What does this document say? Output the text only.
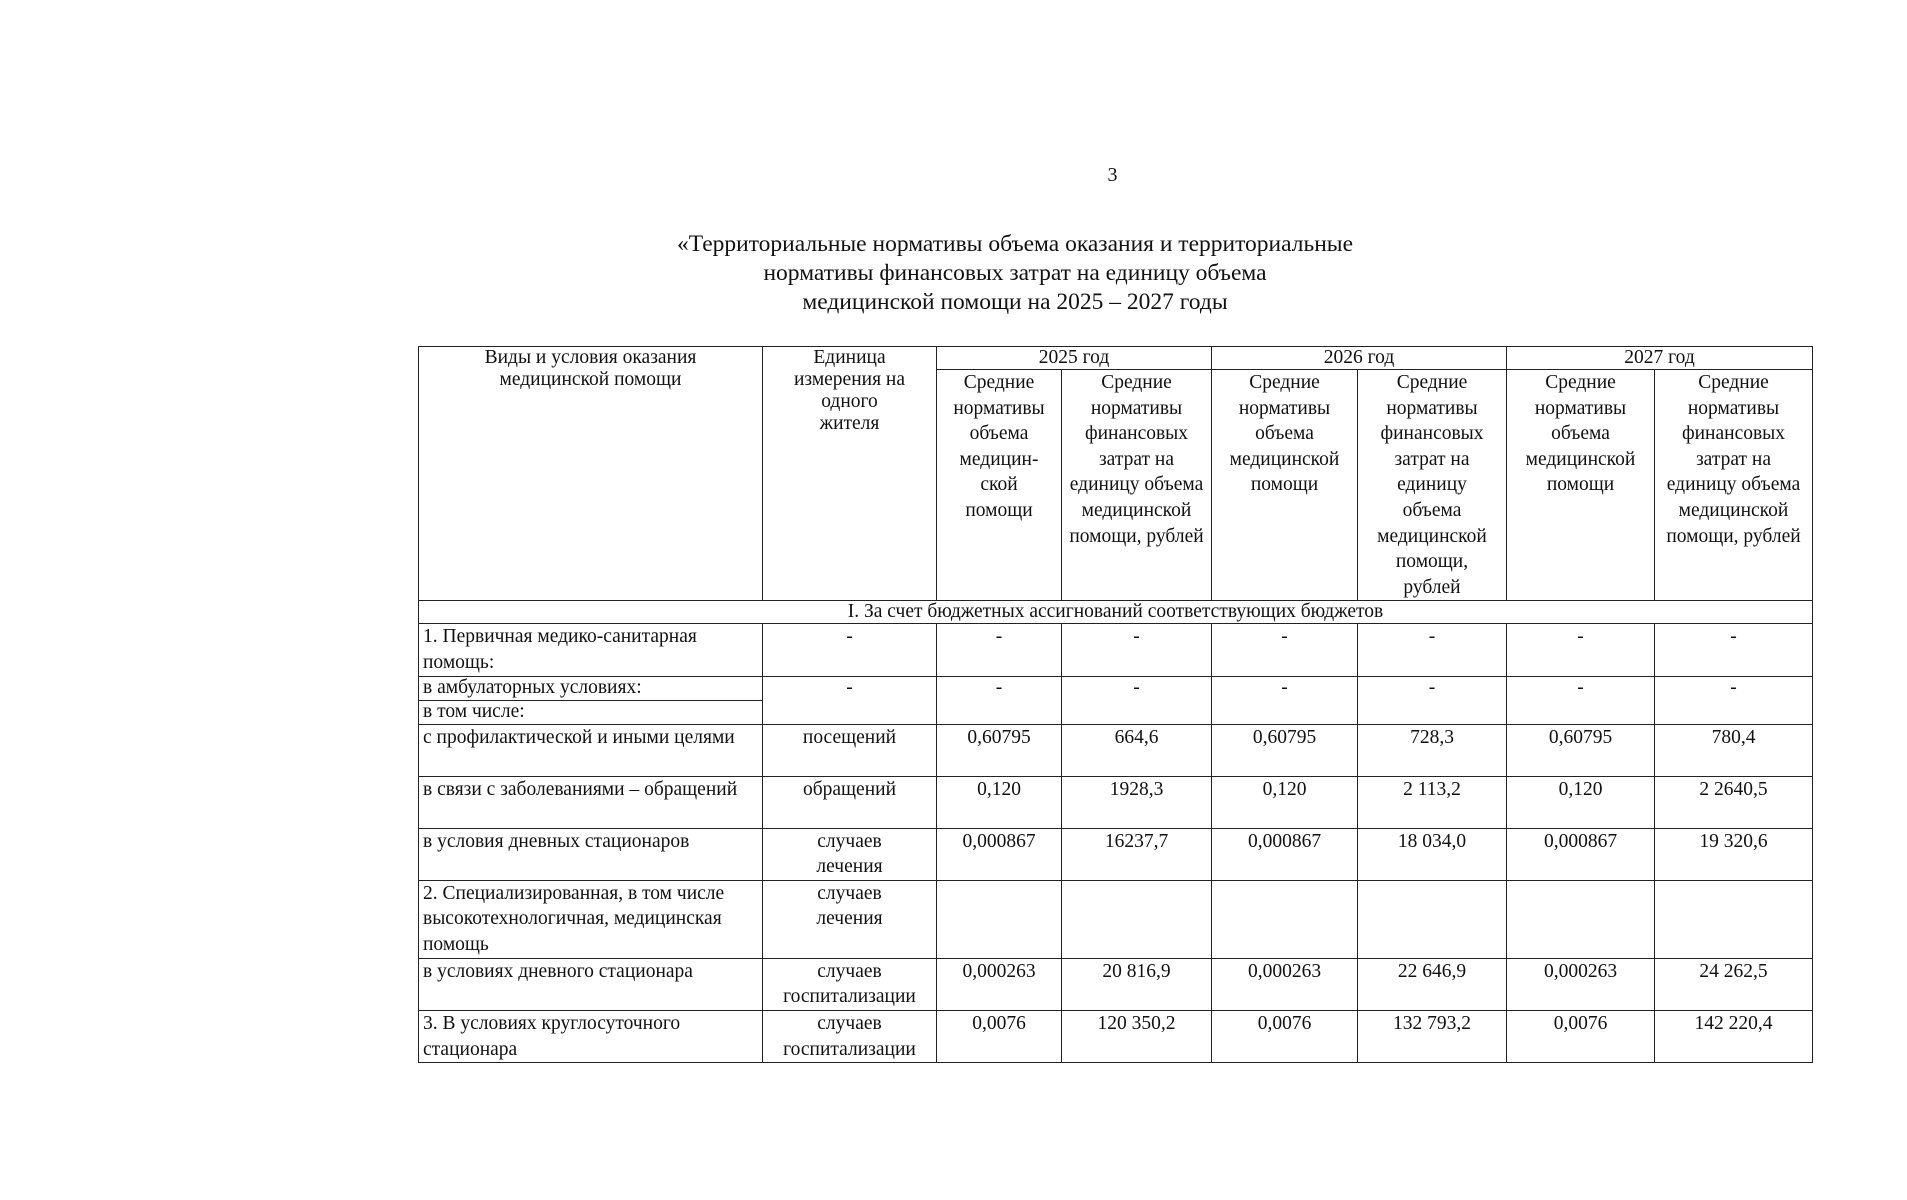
3
«Территориальные нормативы объема оказания и территориальные
нормативы финансовых затрат на единицу объема
медицинской помощи на 2025 – 2027 годы
Виды и условия оказания медицинской помощи	Единица измерения на одного жителя	2025 год		2026 год		2027 год	
		Средние нормативы объема медицин-ской помощи	Средние нормативы финансовых затрат на единицу объема медицинской помощи, рублей	Средние нормативы объема медицинской помощи	Средние нормативы финансовых затрат на единицу объема медицинской помощи, рублей	Средние нормативы объема медицинской помощи	Средние нормативы финансовых затрат на единицу объема медицинской помощи, рублей
I. За счет бюджетных ассигнований соответствующих бюджетов							
1. Первичная медико-санитарная помощь:	-	-	-	-	-	-	-
в амбулаторных условиях:	-	-	-	-	-	-	-
в том числе:							
с профилактической и иными целями	посещений	0,60795	664,6	0,60795	728,3	0,60795	780,4
в связи с заболеваниями – обращений	обращений	0,120	1928,3	0,120	2 113,2	0,120	2 2640,5
в условия дневных стационаров	случаев лечения	0,000867	16237,7	0,000867	18 034,0	0,000867	19 320,6
2. Специализированная, в том числе высокотехнологичная, медицинская помощь	случаев лечения						
в условиях дневного стационара	случаев госпитализации	0,000263	20 816,9	0,000263	22 646,9	0,000263	24 262,5
3. В условиях круглосуточного стационара	случаев госпитализации	0,0076	120 350,2	0,0076	132 793,2	0,0076	142 220,4
